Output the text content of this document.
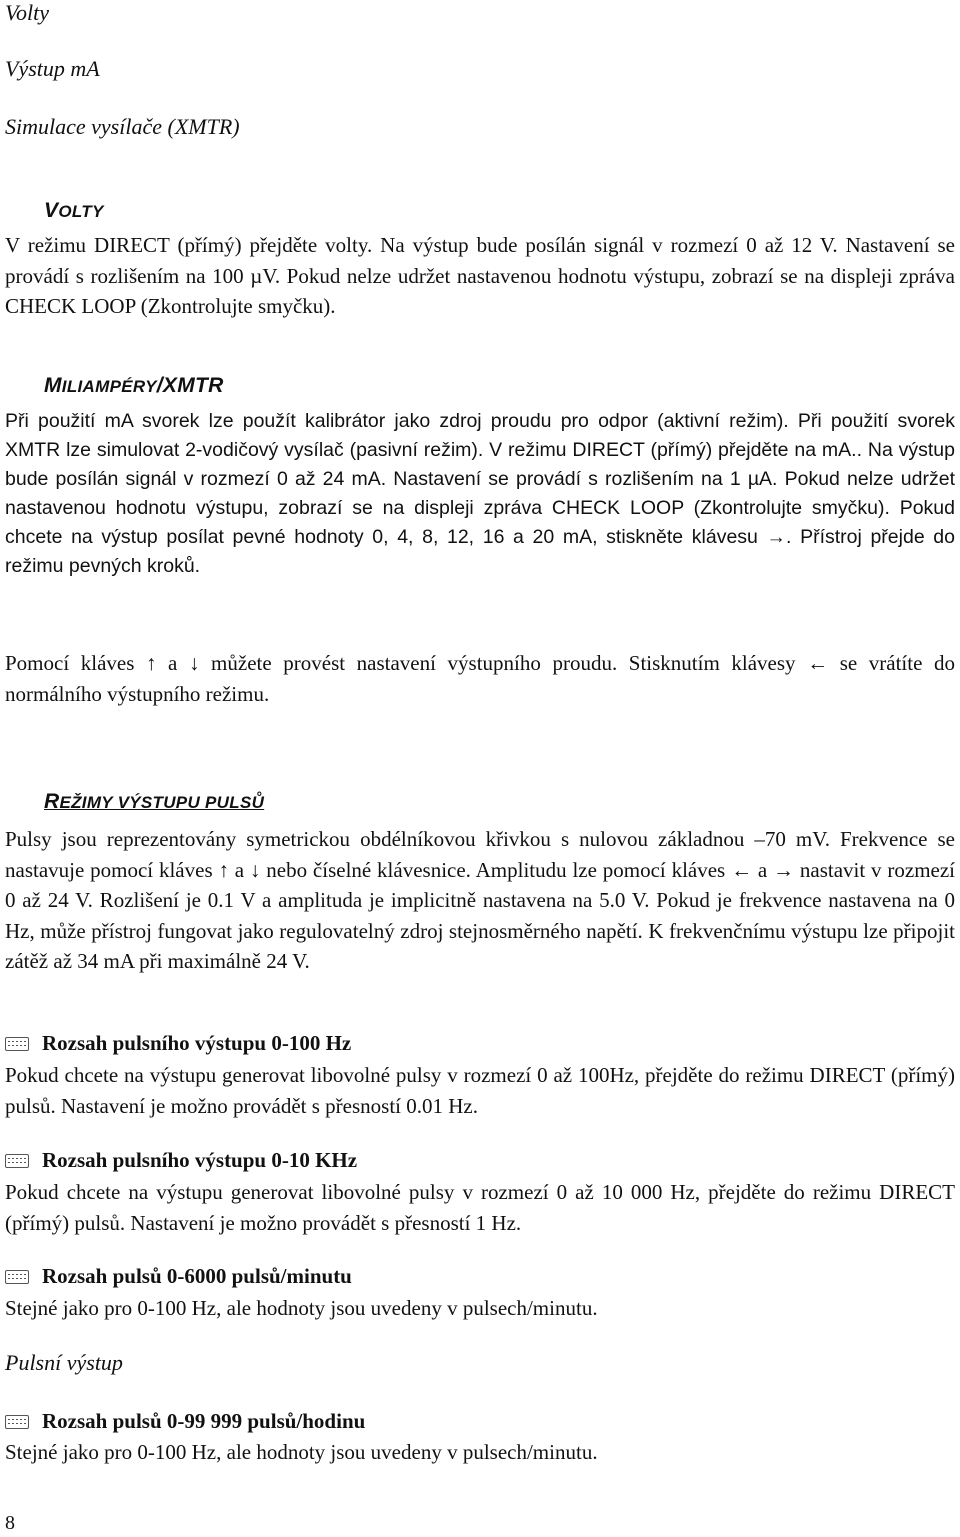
Volty

Výstup mA

Simulace vysílače (XMTR)

VOLTY

V režimu DIRECT (přímý) přejděte volty. Na výstup bude posílán signál v rozmezí 0 až 12 V. Nastavení se provádí s rozlišením na 100 µV. Pokud nelze udržet nastavenou hodnotu výstupu, zobrazí se na displeji zpráva CHECK LOOP (Zkontrolujte smyčku).

MILIAMPÉRY/XMTR

Při použití mA svorek lze použít kalibrátor jako zdroj proudu pro odpor (aktivní režim). Při použití svorek XMTR lze simulovat 2-vodičový vysílač (pasivní režim). V režimu DIRECT (přímý) přejděte na mA.. Na výstup bude posílán signál v rozmezí 0 až 24 mA. Nastavení se provádí s rozlišením na 1 µA. Pokud nelze udržet nastavenou hodnotu výstupu, zobrazí se na displeji zpráva CHECK LOOP (Zkontrolujte smyčku). Pokud chcete na výstup posílat pevné hodnoty 0, 4, 8, 12, 16 a 20 mA, stiskněte klávesu →. Přístroj přejde do režimu pevných kroků.

Pomocí kláves ↑ a ↓ můžete provést nastavení výstupního proudu. Stisknutím klávesy ← se vrátíte do normálního výstupního režimu.

REŽIMY VÝSTUPU PULSŮ

Pulsy jsou reprezentovány symetrickou obdélníkovou křivkou s nulovou základnou –70 mV. Frekvence se nastavuje pomocí kláves ↑ a ↓ nebo číselné klávesnice. Amplitudu lze pomocí kláves ← a → nastavit v rozmezí 0 až 24 V. Rozlišení je 0.1 V a amplituda je implicitně nastavena na 5.0 V. Pokud je frekvence nastavena na 0 Hz, může přístroj fungovat jako regulovatelný zdroj stejnosměrného napětí. K frekvenčnímu výstupu lze připojit zátěž až 34 mA při maximálně 24 V.

Rozsah pulsního výstupu 0-100 Hz

Pokud chcete na výstupu generovat libovolné pulsy v rozmezí 0 až 100Hz, přejděte do režimu DIRECT (přímý) pulsů. Nastavení je možno provádět s přesností 0.01 Hz.

Rozsah pulsního výstupu 0-10 KHz

Pokud chcete na výstupu generovat libovolné pulsy v rozmezí 0 až 10 000 Hz, přejděte do režimu DIRECT (přímý) pulsů. Nastavení je možno provádět s přesností 1 Hz.

Rozsah pulsů 0-6000 pulsů/minutu

Stejné jako pro 0-100 Hz, ale hodnoty jsou uvedeny v pulsech/minutu.

Pulsní výstup

Rozsah pulsů 0-99 999 pulsů/hodinu

Stejné jako pro 0-100 Hz, ale hodnoty jsou uvedeny v pulsech/minutu.

8
